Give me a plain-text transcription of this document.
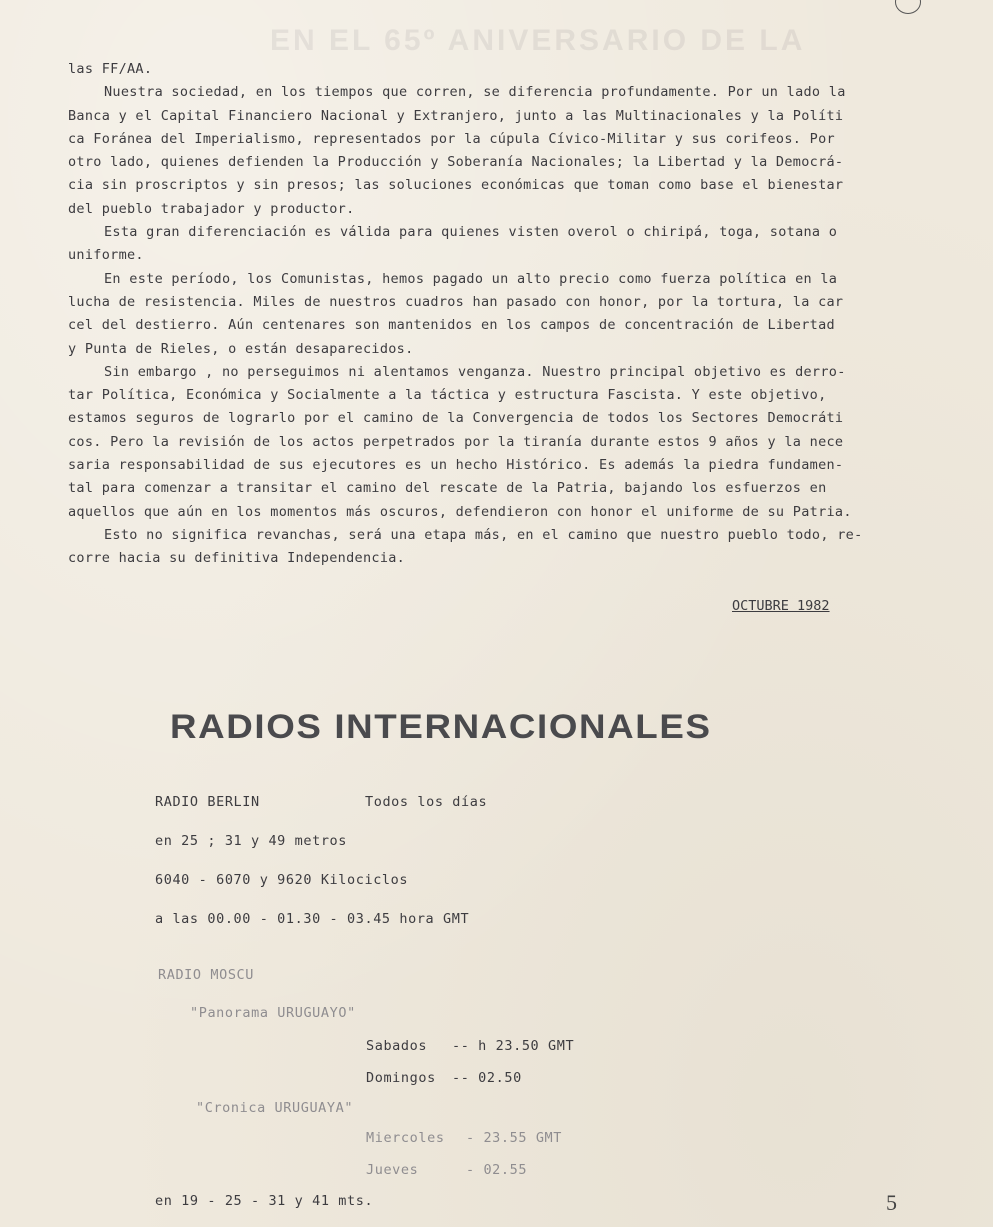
EN EL 65º ANIVERSARIO DE LA
las FF/AA.
Nuestra sociedad, en los tiempos que corren, se diferencia profundamente. Por un lado la
Banca y el Capital Financiero Nacional y Extranjero, junto a las Multinacionales y la Políti
ca Foránea del Imperialismo, representados por la cúpula Cívico-Militar y sus corifeos. Por
otro lado, quienes defienden la Producción y Soberanía Nacionales; la Libertad y la Democrá-
cia sin proscriptos y sin presos; las soluciones económicas que toman como base el bienestar
del pueblo trabajador y productor.
Esta gran diferenciación es válida para quienes visten overol o chiripá, toga, sotana o
uniforme.
En este período, los Comunistas, hemos pagado un alto precio como fuerza política en la
lucha de resistencia. Miles de nuestros cuadros han pasado con honor, por la tortura, la car
cel del destierro. Aún centenares son mantenidos en los campos de concentración de Libertad
y Punta de Rieles, o están desaparecidos.
Sin embargo , no perseguimos ni alentamos venganza. Nuestro principal objetivo es derro-
tar Política, Económica y Socialmente a la táctica y estructura Fascista. Y este objetivo,
estamos seguros de lograrlo por el camino de la Convergencia de todos los Sectores Democráti
cos. Pero la revisión de los actos perpetrados por la tiranía durante estos 9 años y la nece
saria responsabilidad de sus ejecutores es un hecho Histórico. Es además la piedra fundamen-
tal para comenzar a transitar el camino del rescate de la Patria, bajando los esfuerzos en
aquellos que aún en los momentos más oscuros, defendieron con honor el uniforme de su Patria.
Esto no significa revanchas, será una etapa más, en el camino que nuestro pueblo todo, re-
corre hacia su definitiva Independencia.
OCTUBRE 1982
RADIOS INTERNACIONALES
RADIO BERLIN	Todos los días
en 25 ; 31 y 49 metros
6040 - 6070 y 9620 Kilociclos
a las 00.00 - 01.30 - 03.45 hora GMT
RADIO MOSCU
"Panorama URUGUAYO"
Sabados -- h 23.50 GMT
Domingos -- 02.50
"Cronica URUGUAYA"
Miercoles - 23.55 GMT
Jueves	- 02.55
en 19 - 25 - 31 y 41 mts.	5
